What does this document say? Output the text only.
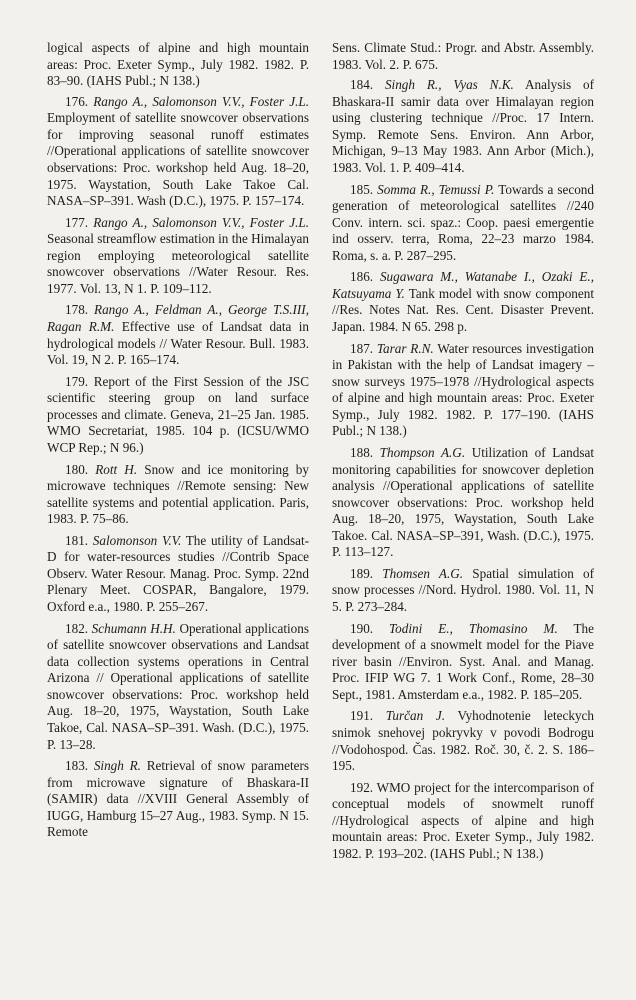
logical aspects of alpine and high mountain areas: Proc. Exeter Symp., July 1982. 1982. P. 83–90. (IAHS Publ.; N 138.)

176. Rango A., Salomonson V.V., Foster J.L. Employment of satellite snowcover observations for improving seasonal runoff estimates //Operational applications of satellite snowcover observations: Proc. workshop held Aug. 18–20, 1975. Waystation, South Lake Takoe Cal. NASA–SP–391. Wash (D.C.), 1975. P. 157–174.

177. Rango A., Salomonson V.V., Foster J.L. Seasonal streamflow estimation in the Himalayan region employing meteorological satellite snowcover observations //Water Resour. Res. 1977. Vol. 13, N 1. P. 109–112.

178. Rango A., Feldman A., George T.S.III, Ragan R.M. Effective use of Landsat data in hydrological models // Water Resour. Bull. 1983. Vol. 19, N 2. P. 165–174.

179. Report of the First Session of the JSC scientific steering group on land surface processes and climate. Geneva, 21–25 Jan. 1985. WMO Secretariat, 1985. 104 p. (ICSU/WMO WCP Rep.; N 96.)

180. Rott H. Snow and ice monitoring by microwave techniques //Remote sensing: New satellite systems and potential application. Paris, 1983. P. 75–86.

181. Salomonson V.V. The utility of Landsat-D for water-resources studies //Contrib Space Observ. Water Resour. Manag. Proc. Symp. 22nd Plenary Meet. COSPAR, Bangalore, 1979. Oxford e.a., 1980. P. 255–267.

182. Schumann H.H. Operational applications of satellite snowcover observations and Landsat data collection systems operations in Central Arizona // Operational applications of satellite snowcover observations: Proc. workshop held Aug. 18–20, 1975, Waystation, South Lake Takoe, Cal. NASA–SP–391. Wash. (D.C.), 1975. P. 13–28.

183. Singh R. Retrieval of snow parameters from microwave signature of Bhaskara-II (SAMIR) data //XVIII General Assembly of IUGG, Hamburg 15–27 Aug., 1983. Symp. N 15. Remote

Sens. Climate Stud.: Progr. and Abstr. Assembly. 1983. Vol. 2. P. 675.

184. Singh R., Vyas N.K. Analysis of Bhaskara-II samir data over Himalayan region using clustering technique //Proc. 17 Intern. Symp. Remote Sens. Environ. Ann Arbor, Michigan, 9–13 May 1983. Ann Arbor (Mich.), 1983. Vol. 1. P. 409–414.

185. Somma R., Temussi P. Towards a second generation of meteorological satellites //240 Conv. intern. sci. spaz.: Coop. paesi emergentie ind osserv. terra, Roma, 22–23 marzo 1984. Roma, s. a. P. 287–295.

186. Sugawara M., Watanabe I., Ozaki E., Katsuyama Y. Tank model with snow component //Res. Notes Nat. Res. Cent. Disaster Prevent. Japan. 1984. N 65. 298 p.

187. Tarar R.N. Water resources investigation in Pakistan with the help of Landsat imagery – snow surveys 1975–1978 //Hydrological aspects of alpine and high mountain areas: Proc. Exeter Symp., July 1982. 1982. P. 177–190. (IAHS Publ.; N 138.)

188. Thompson A.G. Utilization of Landsat monitoring capabilities for snowcover depletion analysis //Operational applications of satellite snowcover observations: Proc. workshop held Aug. 18–20, 1975, Waystation, South Lake Takoe. Cal. NASA–SP–391, Wash. (D.C.), 1975. P. 113–127.

189. Thomsen A.G. Spatial simulation of snow processes //Nord. Hydrol. 1980. Vol. 11, N 5. P. 273–284.

190. Todini E., Thomasino M. The development of a snowmelt model for the Piave river basin //Environ. Syst. Anal. and Manag. Proc. IFIP WG 7. 1 Work Conf., Rome, 28–30 Sept., 1981. Amsterdam e.a., 1982. P. 185–205.

191. Turčan J. Vyhodnotenie leteckych snimok snehovej pokryvky v povodi Bodrogu //Vodohospod. Čas. 1982. Roč. 30, č. 2. S. 186–195.

192. WMO project for the intercomparison of conceptual models of snowmelt runoff //Hydrological aspects of alpine and high mountain areas: Proc. Exeter Symp., July 1982. 1982. P. 193–202. (IAHS Publ.; N 138.)
